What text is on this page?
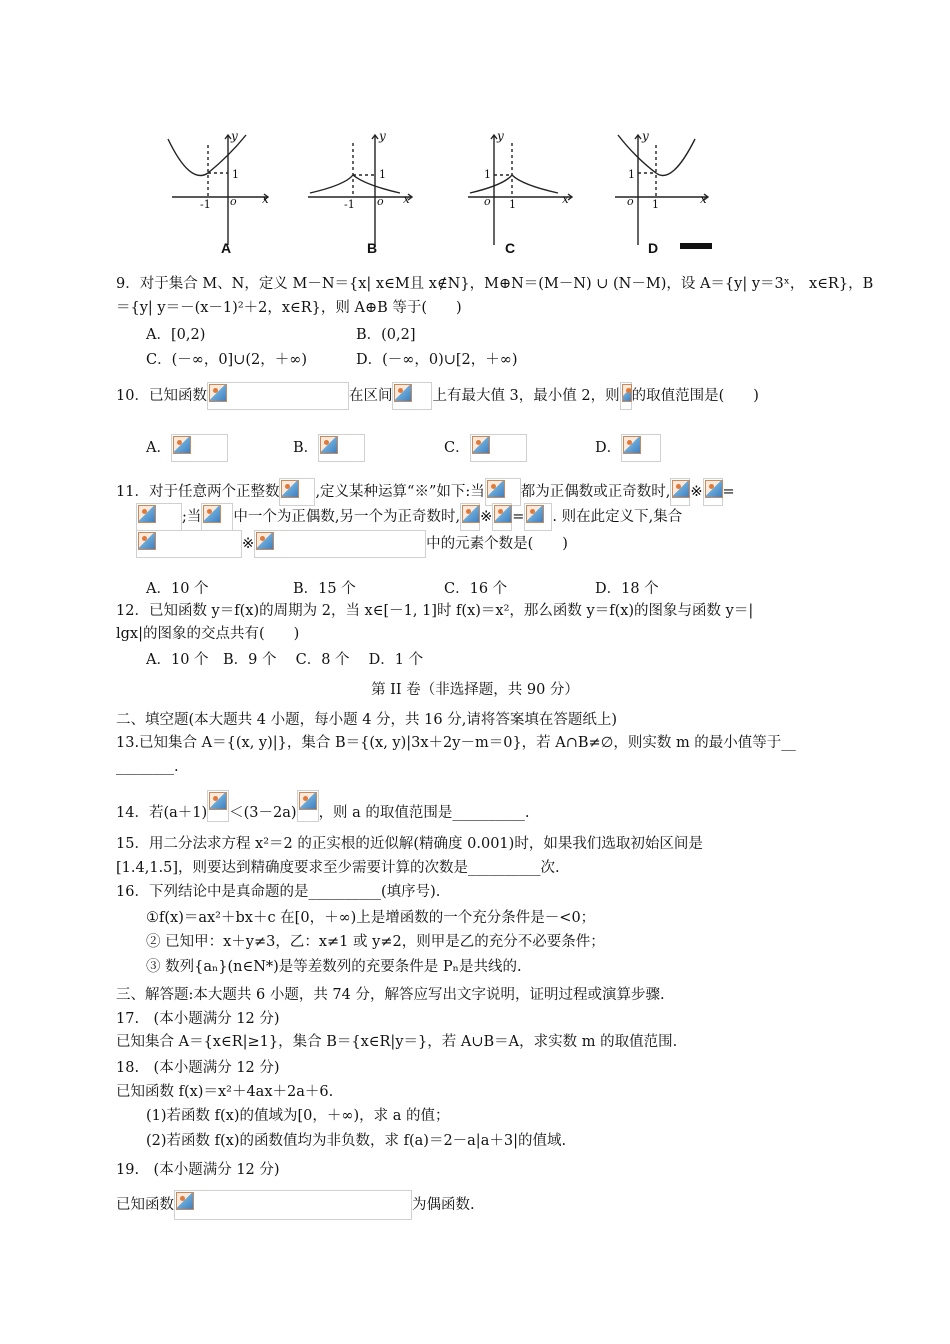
y
x
-1 o
1
y
x
-1 o
1
y
x
1
o
1
y
x
1
o
1
A	B	C	D
9．对于集合 M、N，定义 M－N＝{x| x∈M且 x∉N}，M⊕N＝(M－N) ∪ (N－M)，设 A＝{y| y＝3ˣ， x∈R}，B
＝{y| y＝－(x－1)²＋2，x∈R}，则 A⊕B 等于(　　)
A．[0,2)	B．(0,2]
C．(－∞，0]∪(2，＋∞)	D．(－∞，0)∪[2，＋∞)
10．已知函数	在区间	上有最大值 3，最小值 2，则 的取值范围是(　　)
A．	B．	C．	D．
11．对于任意两个正整数 ,定义某种运算“※”如下:当 都为正偶数或正奇数时, ※ =
;当 中一个为正偶数,另一个为正奇数时, ※ = . 则在此定义下,集合
※	中的元素个数是(　　)
A．10 个	B．15 个	C．16 个	D．18 个
12．已知函数 y＝f(x)的周期为 2，当 x∈[－1, 1]时 f(x)＝x²，那么函数 y＝f(x)的图象与函数 y＝|
lgx|的图象的交点共有(　　)
A．10 个　B．9 个　 C．8 个　 D．1 个
第 II 卷（非选择题，共 90 分）
二、填空题(本大题共 4 小题，每小题 4 分，共 16 分,请将答案填在答题纸上)
13.已知集合 A＝{(x, y)|}，集合 B＝{(x, y)|3x＋2y－m＝0}，若 A∩B≠∅，则实数 m 的最小值等于__
________.
14．若(a＋1) ＜(3－2a) ，则 a 的取值范围是__________.
15．用二分法求方程 x²＝2 的正实根的近似解(精确度 0.001)时，如果我们选取初始区间是
[1.4,1.5]，则要达到精确度要求至少需要计算的次数是__________次.
16．下列结论中是真命题的是__________(填序号).
①f(x)＝ax²＋bx＋c 在[0，＋∞)上是增函数的一个充分条件是－<0；
② 已知甲：x＋y≠3，乙：x≠1 或 y≠2，则甲是乙的充分不必要条件；
③ 数列{aₙ}(n∈N*)是等差数列的充要条件是 Pₙ是共线的.
三、解答题:本大题共 6 小题，共 74 分，解答应写出文字说明，证明过程或演算步骤.
17.　(本小题满分 12 分)
已知集合 A＝{x∈R|≥1}，集合 B＝{x∈R|y＝}，若 A∪B＝A，求实数 m 的取值范围.
18.　(本小题满分 12 分)
已知函数 f(x)＝x²＋4ax＋2a＋6.
(1)若函数 f(x)的值域为[0，＋∞)，求 a 的值；
(2)若函数 f(x)的函数值均为非负数，求 f(a)＝2－a|a＋3|的值域.
19.　(本小题满分 12 分)
已知函数	为偶函数.
